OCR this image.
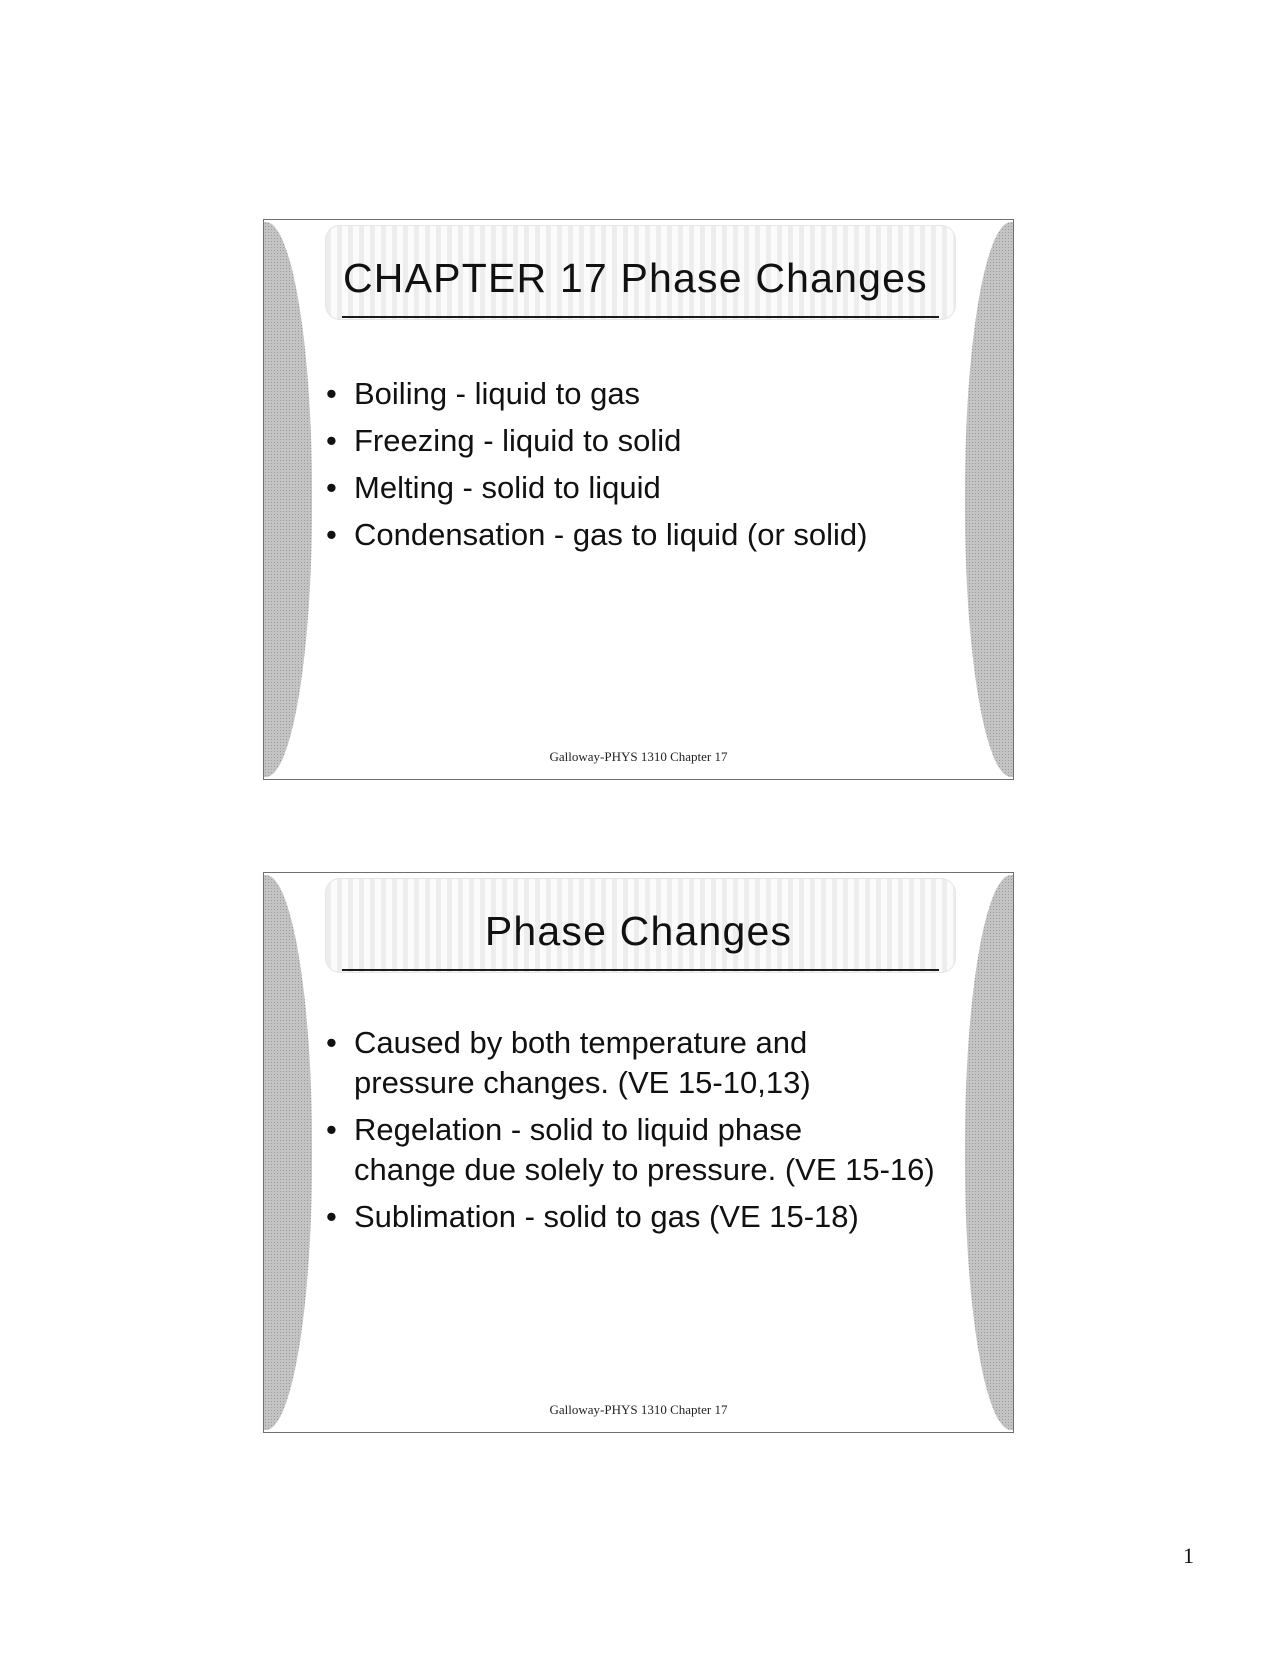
CHAPTER 17 Phase Changes
• Boiling - liquid to gas
• Freezing - liquid to solid
• Melting - solid to liquid
• Condensation - gas to liquid (or solid)
Galloway-PHYS 1310 Chapter 17
Phase Changes
• Caused by both temperature and
pressure changes. (VE 15-10,13)
• Regelation - solid to liquid phase
change due solely to pressure. (VE 15-16)
• Sublimation - solid to gas (VE 15-18)
Galloway-PHYS 1310 Chapter 17
1
